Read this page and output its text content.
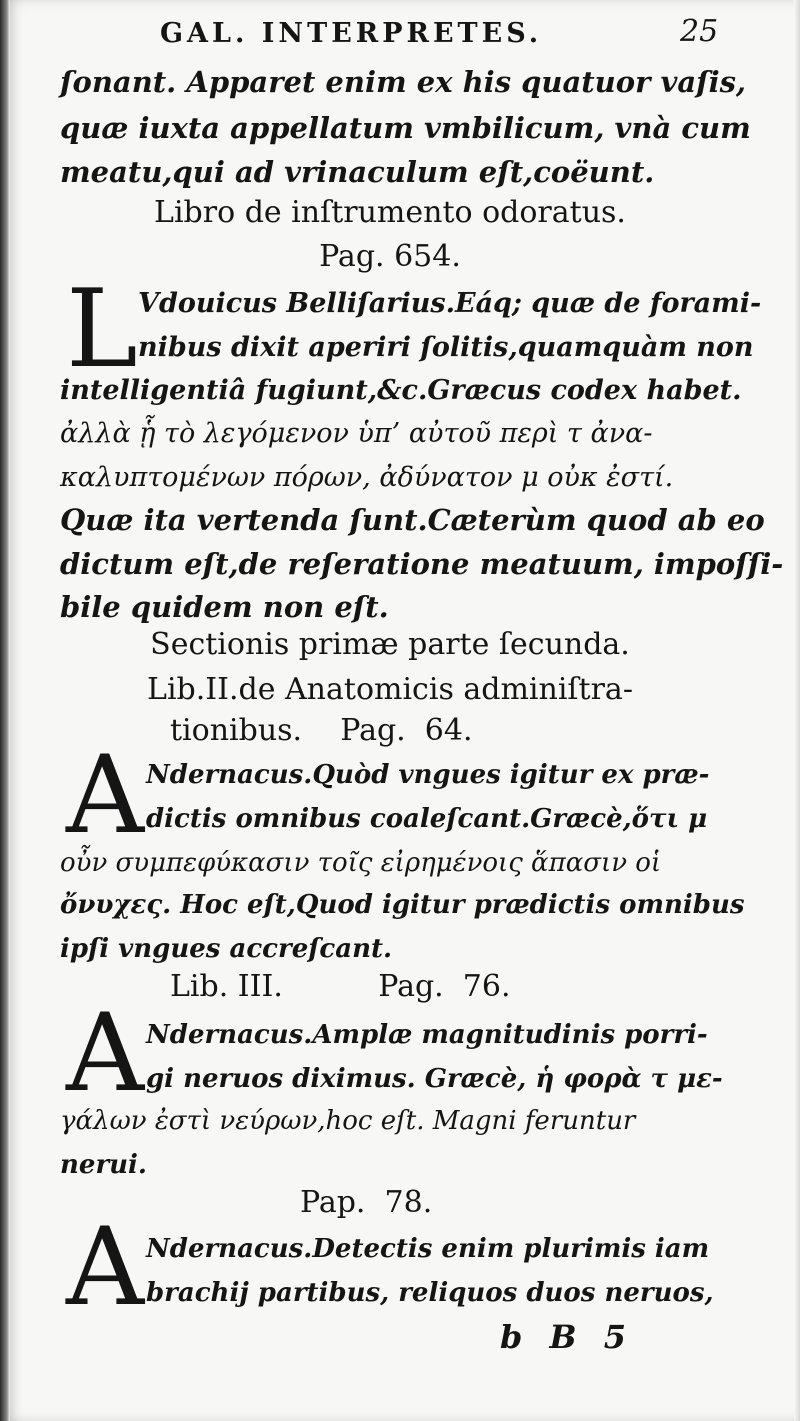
GAL. INTERPRETES.	25
ſonant. Apparet enim ex his quatuor vaſis,
quæ iuxta appellatum vmbilicum, vnà cum
meatu,qui ad vrinaculum eſt,coëunt.
Libro de inſtrumento odoratus.
Pag. 654.
L Vdouicus Belliſarius.Eáq; quæ de forami-
nibus dixit aperiri ſolitis,quamquàm non
intelligentiâ fugiunt,&c.Græcus codex habet.
ἀλλὰ ᾗ τὸ λεγόμενον ὑπ’ αὐτοῦ περὶ τ ἀνα-
καλυπτομένων πόρων, ἀδύνατον μ οὐκ ἐστί.
Quæ ita vertenda ſunt.Cæterùm quod ab eo
dictum eſt,de reſeratione meatuum, impoſſi-
bile quidem non eſt.
Sectionis primæ parte ſecunda.
Lib.II.de Anatomicis adminiſtra-
tionibus.    Pag.  64.
A Ndernacus.Quòd vngues igitur ex præ-
dictis omnibus coaleſcant.Græcè,ὅτι μ
οὖν συμπεφύκασιν τοῖς εἰρημένοις ἅπασιν οἱ
ὄνυχες. Hoc eſt,Quod igitur prædictis omnibus
ipſi vngues accreſcant.
Lib. III.          Pag.  76.
A Ndernacus.Amplæ magnitudinis porri-
gi neruos diximus. Græcè, ἡ φορὰ τ με-
γάλων ἐστὶ νεύρων,hoc eſt. Magni feruntur
nerui.
Pap.  78.
A Ndernacus.Detectis enim plurimis iam
brachij partibus, reliquos duos neruos,
b B 5
